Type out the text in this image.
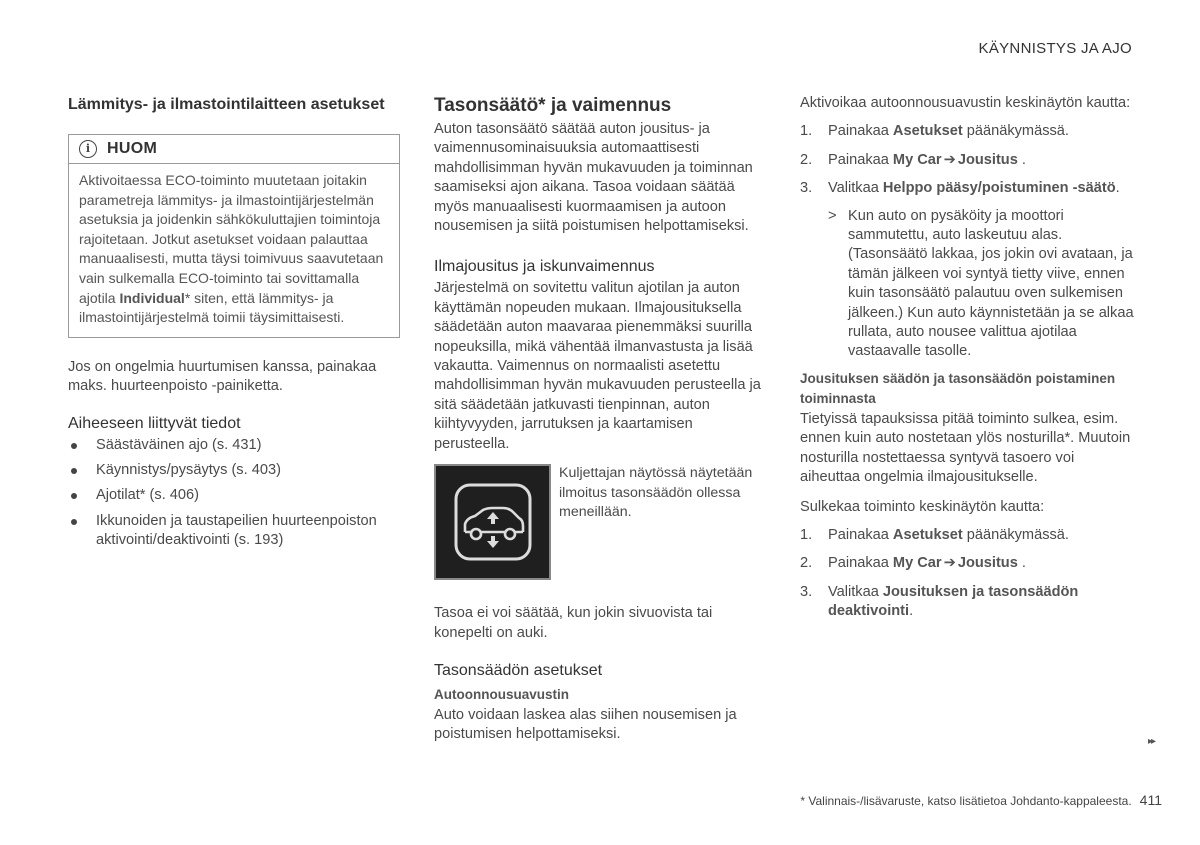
KÄYNNISTYS JA AJO
Lämmitys- ja ilmastointilaitteen asetukset
i	HUOM
Aktivoitaessa ECO-toiminto muutetaan joitakin parametreja lämmitys- ja ilmastointijärjestelmän asetuksia ja joidenkin sähkökuluttajien toimintoja rajoitetaan. Jotkut asetukset voidaan palauttaa manuaalisesti, mutta täysi toimivuus saavutetaan vain sulkemalla ECO-toiminto tai sovittamalla ajotila Individual* siten, että lämmitys- ja ilmastointijärjestelmä toimii täysimittaisesti.

Jos on ongelmia huurtumisen kanssa, painakaa maks. huurteenpoisto -painiketta.

Aiheeseen liittyvät tiedot
Säästäväinen ajo (s. 431)
Käynnistys/pysäytys (s. 403)
Ajotilat* (s. 406)
Ikkunoiden ja taustapeilien huurteenpoiston aktivointi/deaktivointi (s. 193)
Tasonsäätö* ja vaimennus

Auton tasonsäätö säätää auton jousitus- ja vaimennusominaisuuksia automaattisesti mahdollisimman hyvän mukavuuden ja toiminnan saamiseksi ajon aikana. Tasoa voidaan säätää myös manuaalisesti kuormaamisen ja autoon nousemisen ja siitä poistumisen helpottamiseksi.

Ilmajousitus ja iskunvaimennus

Järjestelmä on sovitettu valitun ajotilan ja auton käyttämän nopeuden mukaan. Ilmajousituksella säädetään auton maavaraa pienemmäksi suurilla nopeuksilla, mikä vähentää ilmanvastusta ja lisää vakautta. Vaimennus on normaalisti asetettu mahdollisimman hyvän mukavuuden perusteella ja sitä säädetään jatkuvasti tienpinnan, auton kiihtyvyyden, jarrutuksen ja kaartamisen perusteella.

Kuljettajan näytössä näytetään ilmoitus tasonsäädön ollessa meneillään.

Tasoa ei voi säätää, kun jokin sivuovista tai konepelti on auki.

Tasonsäädön asetukset
Autoonnousuavustin

Auto voidaan laskea alas siihen nousemisen ja poistumisen helpottamiseksi.

Aktivoikaa autoonnousuavustin keskinäytön kautta:

1. Painakaa Asetukset päänäkymässä.
2. Painakaa My Car ➔ Jousitus .
3. Valitkaa Helppo pääsy/poistuminen -säätö.
> Kun auto on pysäköity ja moottori sammutettu, auto laskeutuu alas. (Tasonsäätö lakkaa, jos jokin ovi avataan, ja tämän jälkeen voi syntyä tietty viive, ennen kuin tasonsäätö palautuu oven sulkemisen jälkeen.) Kun auto käynnistetään ja se alkaa rullata, auto nousee valittua ajotilaa vastaavalle tasolle.
Jousituksen säädön ja tasonsäädön poistaminen toiminnasta

Tietyissä tapauksissa pitää toiminto sulkea, esim. ennen kuin auto nostetaan ylös nosturilla*. Muutoin nosturilla nostettaessa syntyvä tasoero voi aiheuttaa ongelmia ilmajousitukselle.

Sulkekaa toiminto keskinäytön kautta:

1. Painakaa Asetukset päänäkymässä.
2. Painakaa My Car ➔ Jousitus .
3. Valitkaa Jousituksen ja tasonsäädön deaktivointi.
▸▸
* Valinnais-/lisävaruste, katso lisätietoa Johdanto-kappaleesta. 411
